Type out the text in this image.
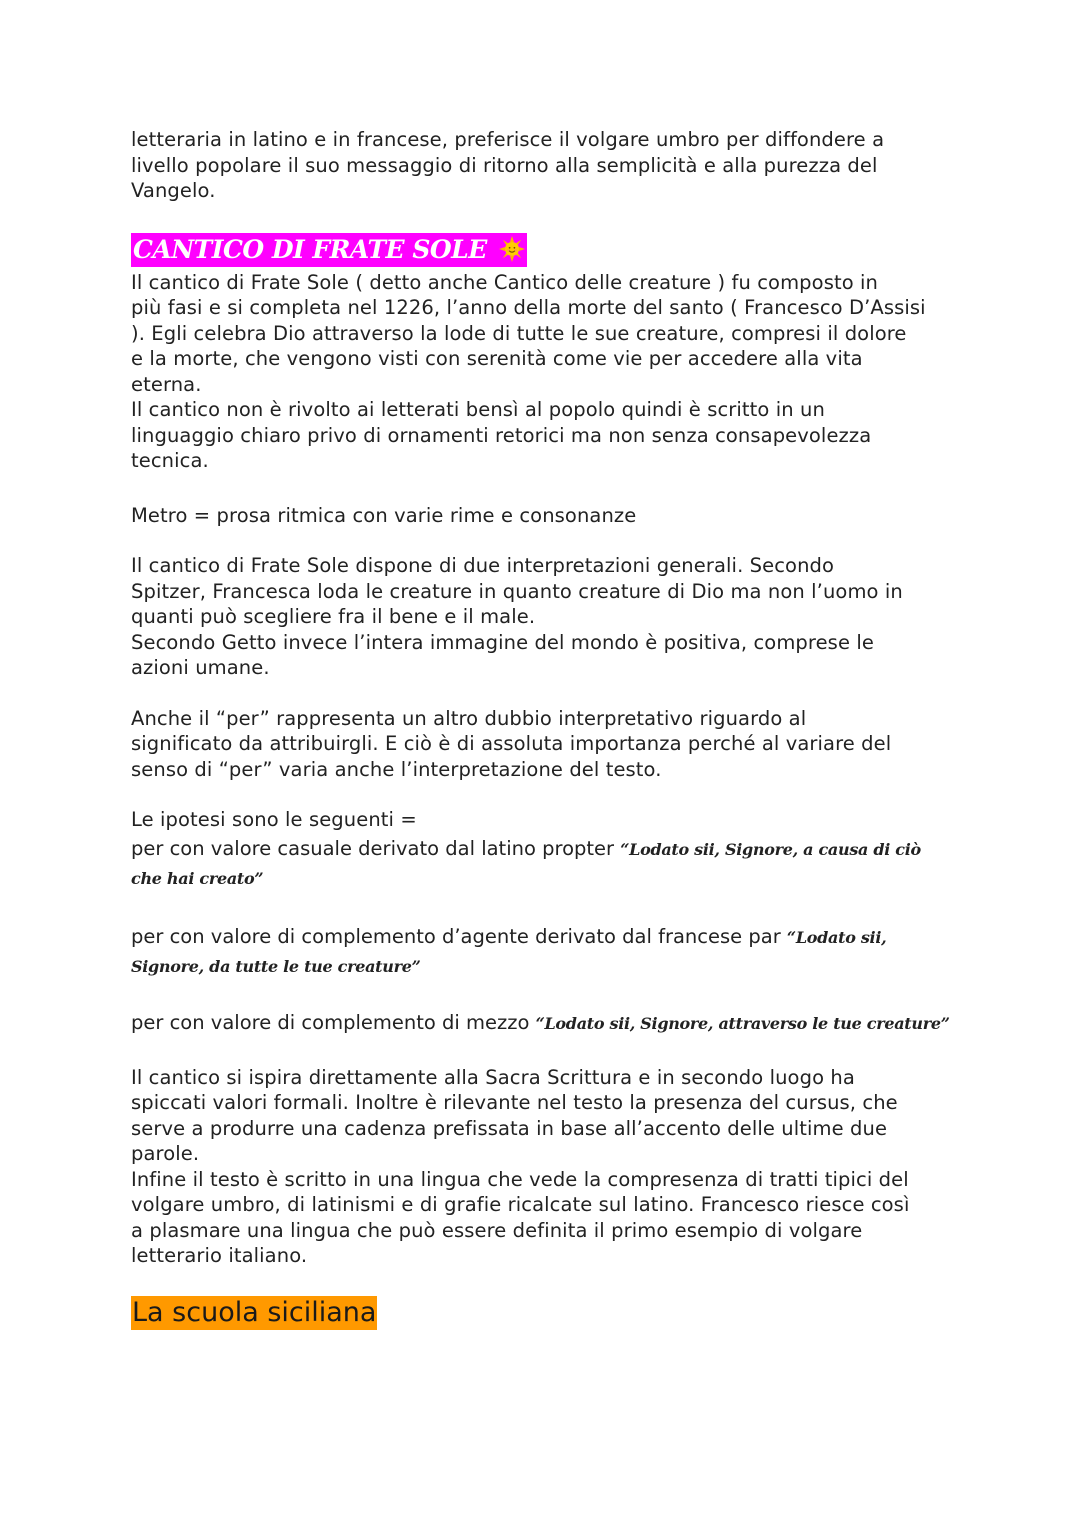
letteraria in latino e in francese, preferisce il volgare umbro per diffondere a

livello popolare il suo messaggio di ritorno alla semplicità e alla purezza del

Vangelo.

CANTICO DI FRATE SOLE

Il cantico di Frate Sole ( detto anche Cantico delle creature ) fu composto in

più fasi e si completa nel 1226, l’anno della morte del santo ( Francesco D’Assisi

). Egli celebra Dio attraverso la lode di tutte le sue creature, compresi il dolore

e la morte, che vengono visti con serenità come vie per accedere alla vita

eterna.

Il cantico non è rivolto ai letterati bensì al popolo quindi è scritto in un

linguaggio chiaro privo di ornamenti retorici ma non senza consapevolezza

tecnica.

Metro = prosa ritmica con varie rime e consonanze

Il cantico di Frate Sole dispone di due interpretazioni generali. Secondo

Spitzer, Francesca loda le creature in quanto creature di Dio ma non l’uomo in

quanti può scegliere fra il bene e il male.

Secondo Getto invece l’intera immagine del mondo è positiva, comprese le

azioni umane.

Anche il “per” rappresenta un altro dubbio interpretativo riguardo al

significato da attribuirgli. E ciò è di assoluta importanza perché al variare del

senso di “per” varia anche l’interpretazione del testo.

Le ipotesi sono le seguenti =

per con valore casuale derivato dal latino propter “Lodato sii, Signore, a causa di ciò

che hai creato”

per con valore di complemento d’agente derivato dal francese par “Lodato sii,

Signore, da tutte le tue creature”

per con valore di complemento di mezzo “Lodato sii, Signore, attraverso le tue creature”

Il cantico si ispira direttamente alla Sacra Scrittura e in secondo luogo ha

spiccati valori formali. Inoltre è rilevante nel testo la presenza del cursus, che

serve a produrre una cadenza prefissata in base all’accento delle ultime due

parole.

Infine il testo è scritto in una lingua che vede la compresenza di tratti tipici del

volgare umbro, di latinismi e di grafie ricalcate sul latino. Francesco riesce così

a plasmare una lingua che può essere definita il primo esempio di volgare

letterario italiano.

La scuola siciliana
